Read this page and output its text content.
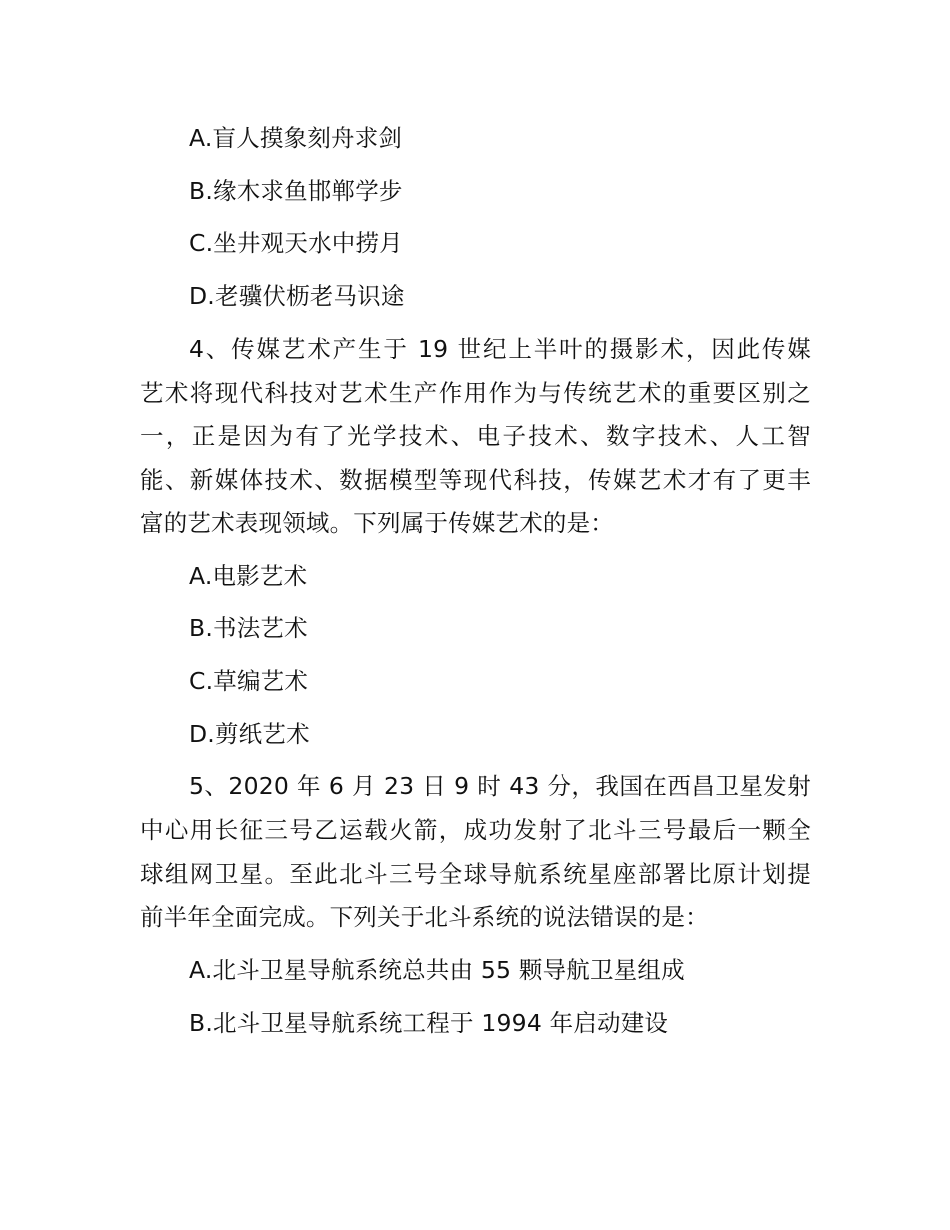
A.盲人摸象刻舟求剑
B.缘木求鱼邯郸学步
C.坐井观天水中捞月
D.老骥伏枥老马识途
4、传媒艺术产生于 19 世纪上半叶的摄影术，因此传媒
艺术将现代科技对艺术生产作用作为与传统艺术的重要区别之
一，正是因为有了光学技术、电子技术、数字技术、人工智
能、新媒体技术、数据模型等现代科技，传媒艺术才有了更丰
富的艺术表现领域。下列属于传媒艺术的是：
A.电影艺术
B.书法艺术
C.草编艺术
D.剪纸艺术
5、2020 年 6 月 23 日 9 时 43 分，我国在西昌卫星发射
中心用长征三号乙运载火箭，成功发射了北斗三号最后一颗全
球组网卫星。至此北斗三号全球导航系统星座部署比原计划提
前半年全面完成。下列关于北斗系统的说法错误的是：
A.北斗卫星导航系统总共由 55 颗导航卫星组成
B.北斗卫星导航系统工程于 1994 年启动建设
